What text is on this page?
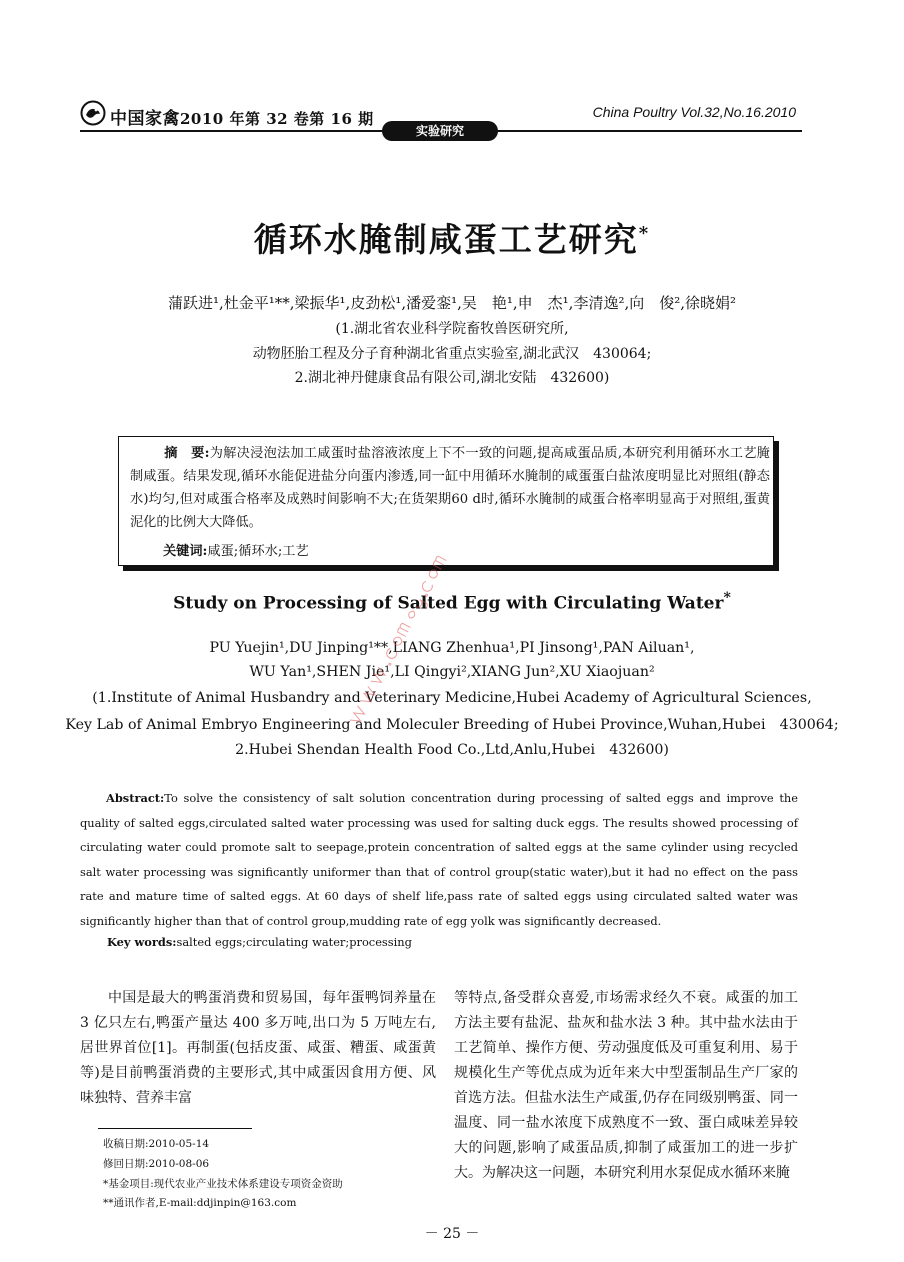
中国家禽2010 年第 32 卷第 16 期	China Poultry Vol.32,No.16.2010
实验研究
循环水腌制咸蛋工艺研究*
蒲跃进¹,杜金平¹**,梁振华¹,皮劲松¹,潘爱銮¹,吴　艳¹,申　杰¹,李清逸²,向　俊²,徐晓娟²
(1.湖北省农业科学院畜牧兽医研究所,
动物胚胎工程及分子育种湖北省重点实验室,湖北武汉　430064;
2.湖北神丹健康食品有限公司,湖北安陆　432600)
摘　要:为解决浸泡法加工咸蛋时盐溶液浓度上下不一致的问题,提高咸蛋品质,本研究利用循环水工艺腌制咸蛋。结果发现,循环水能促进盐分向蛋内渗透,同一缸中用循环水腌制的咸蛋蛋白盐浓度明显比对照组(静态水)均匀,但对咸蛋合格率及成熟时间影响不大;在货架期60 d时,循环水腌制的咸蛋合格率明显高于对照组,蛋黄泥化的比例大大降低。
关键词:咸蛋;循环水;工艺
Study on Processing of Salted Egg with Circulating Water*
PU Yuejin¹,DU Jinping¹**,LIANG Zhenhua¹,PI Jinsong¹,PAN Ailuan¹,
WU Yan¹,SHEN Jie¹,LI Qingyi²,XIANG Jun²,XU Xiaojuan²
(1.Institute of Animal Husbandry and Veterinary Medicine,Hubei Academy of Agricultural Sciences,
Key Lab of Animal Embryo Engineering and Moleculer Breeding of Hubei Province,Wuhan,Hubei　430064;
2.Hubei Shendan Health Food Co.,Ltd,Anlu,Hubei　432600)
Abstract:To solve the consistency of salt solution concentration during processing of salted eggs and improve the quality of salted eggs,circulated salted water processing was used for salting duck eggs. The results showed processing of circulating water could promote salt to seepage,protein concentration of salted eggs at the same cylinder using recycled salt water processing was significantly uniformer than that of control group(static water),but it had no effect on the pass rate and mature time of salted eggs. At 60 days of shelf life,pass rate of salted eggs using circulated salted water was significantly higher than that of control group,mudding rate of egg yolk was significantly decreased.
Key words:salted eggs;circulating water;processing
中国是最大的鸭蛋消费和贸易国，每年蛋鸭饲养量在 3 亿只左右,鸭蛋产量达 400 多万吨,出口为 5 万吨左右,居世界首位[1]。再制蛋(包括皮蛋、咸蛋、糟蛋、咸蛋黄等)是目前鸭蛋消费的主要形式,其中咸蛋因食用方便、风味独特、营养丰富
等特点,备受群众喜爱,市场需求经久不衰。咸蛋的加工方法主要有盐泥、盐灰和盐水法 3 种。其中盐水法由于工艺简单、操作方便、劳动强度低及可重复利用、易于规模化生产等优点成为近年来大中型蛋制品生产厂家的首选方法。但盐水法生产咸蛋,仍存在同级别鸭蛋、同一温度、同一盐水浓度下成熟度不一致、蛋白咸味差异较大的问题,影响了咸蛋品质,抑制了咸蛋加工的进一步扩大。为解决这一问题，本研究利用水泵促成水循环来腌
收稿日期:2010-05-14
修回日期:2010-08-06
*基金项目:现代农业产业技术体系建设专项资金资助
**通讯作者,E-mail:ddjinpin@163.com
－ 25 －
